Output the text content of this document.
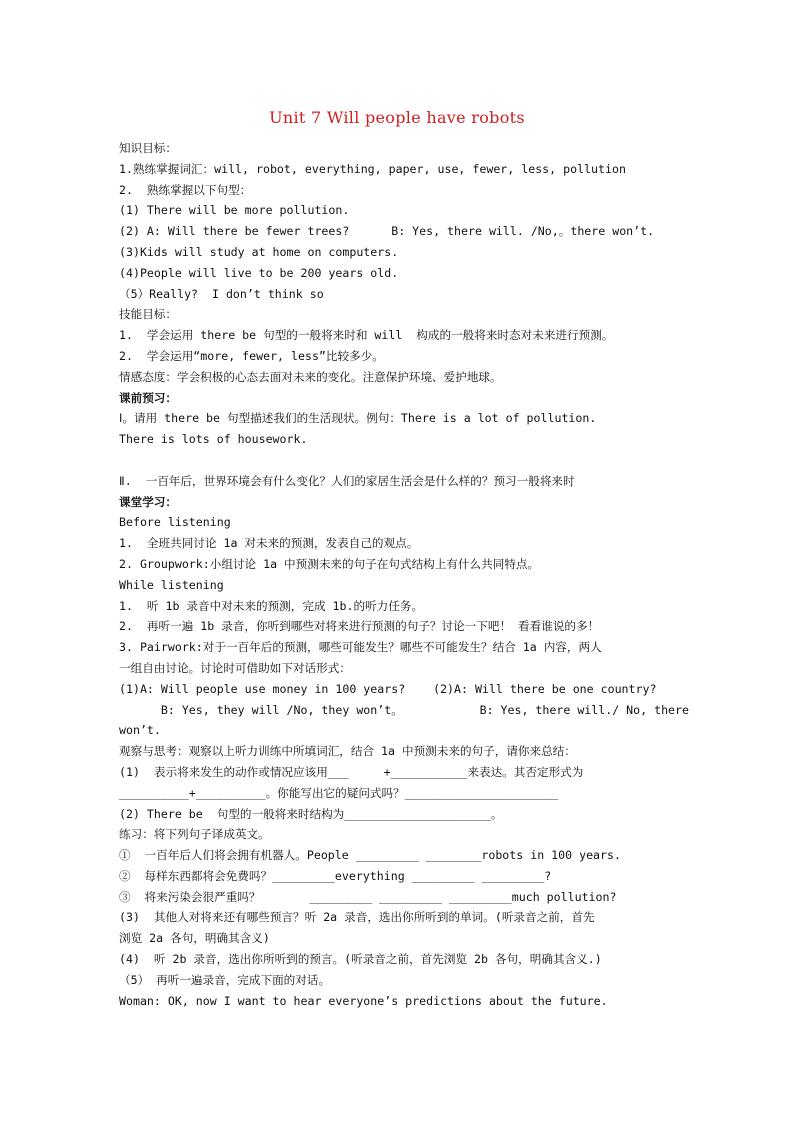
Unit 7 Will people have robots
知识目标：
1.熟练掌握词汇：will, robot, everything, paper, use, fewer, less, pollution
2.  熟练掌握以下句型：
(1) There will be more pollution.
(2) A: Will there be fewer trees?      B: Yes, there will. /No,。there won’t.
(3)Kids will study at home on computers.
(4)People will live to be 200 years old.
（5）Really?  I don’t think so
技能目标：
1.  学会运用 there be 句型的一般将来时和 will  构成的一般将来时态对未来进行预测。
2.  学会运用“more, fewer, less”比较多少。
情感态度：学会积极的心态去面对未来的变化。注意保护环境、爱护地球。
课前预习：
Ⅰ。请用 there be 句型描述我们的生活现状。例句：There is a lot of pollution.
There is lots of housework.
Ⅱ.  一百年后，世界环境会有什么变化？人们的家居生活会是什么样的？预习一般将来时
课堂学习：
Before listening
1.  全班共同讨论 1a 对未来的预测，发表自己的观点。
2. Groupwork:小组讨论 1a 中预测未来的句子在句式结构上有什么共同特点。
While listening
1.  听 1b 录音中对未来的预测，完成 1b.的听力任务。
2.  再听一遍 1b 录音，你听到哪些对将来进行预测的句子？讨论一下吧！ 看看谁说的多！
3. Pairwork:对于一百年后的预测，哪些可能发生？哪些不可能发生？结合 1a 内容，两人
一组自由讨论。讨论时可借助如下对话形式：
(1)A: Will people use money in 100 years?    (2)A: Will there be one country?
B: Yes, they will /No, they won’t。           B: Yes, there will./ No, there
won’t.
观察与思考：观察以上听力训练中所填词汇，结合 1a 中预测未来的句子，请你来总结：
(1)  表示将来发生的动作或情况应该用___     +___________来表达。其否定形式为
__________+__________。你能写出它的疑问式吗？______________________
(2) There be  句型的一般将来时结构为_____________________。
练习：将下列句子译成英文。
①  一百年后人们将会拥有机器人。People _________ ________robots in 100 years.
②  每样东西都将会免费吗？_________everything _________ _________?
③  将来污染会很严重吗？       _________ _________ _________much pollution?
(3)  其他人对将来还有哪些预言？听 2a 录音，选出你所听到的单词。(听录音之前，首先
浏览 2a 各句，明确其含义)
(4)  听 2b 录音，选出你所听到的预言。(听录音之前，首先浏览 2b 各句，明确其含义.)
（5） 再听一遍录音，完成下面的对话。
Woman: OK, now I want to hear everyone’s predictions about the future.
